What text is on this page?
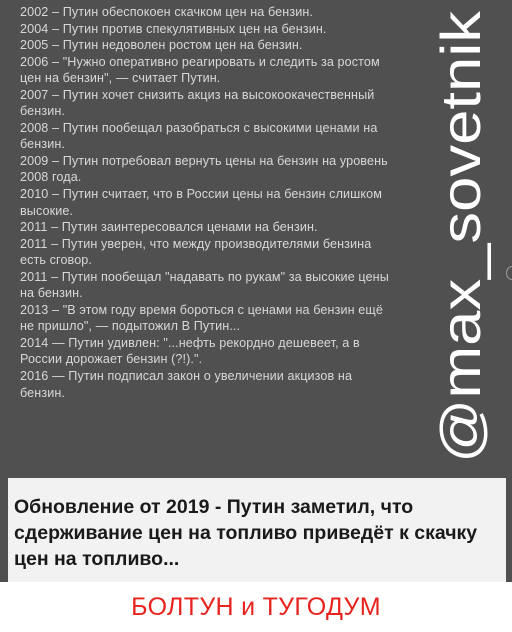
2002 – Путин обеспокоен скачком цен на бензин.
2004 – Путин против спекулятивных цен на бензин.
2005 – Путин недоволен ростом цен на бензин.
2006 – "Нужно оперативно реагировать и следить за ростом цен на бензин", — считает Путин.
2007 – Путин хочет снизить акциз на высокоокачественный бензин.
2008 – Путин пообещал разобраться с высокими ценами на бензин.
2009 – Путин потребовал вернуть цены на бензин на уровень 2008 года.
2010 – Путин считает, что в России цены на бензин слишком высокие.
2011 – Путин заинтересовался ценами на бензин.
2011 – Путин уверен, что между производителями бензина есть сговор.
2011 – Путин пообещал "надавать по рукам" за высокие цены на бензин.
2013 – "В этом году время бороться с ценами на бензин ещё не пришло", — подытожил В Путин...
2014 — Путин удивлен: "...нефть рекордно дешевеет, а в России дорожает бензин (?!).".
2016 — Путин подписал закон о увеличении акцизов на бензин.	@max_sovetnik

Обновление от 2019 - Путин заметил, что сдерживание цен на топливо приведёт к скачку цен на топливо...

БОЛТУН и ТУГОДУМ
